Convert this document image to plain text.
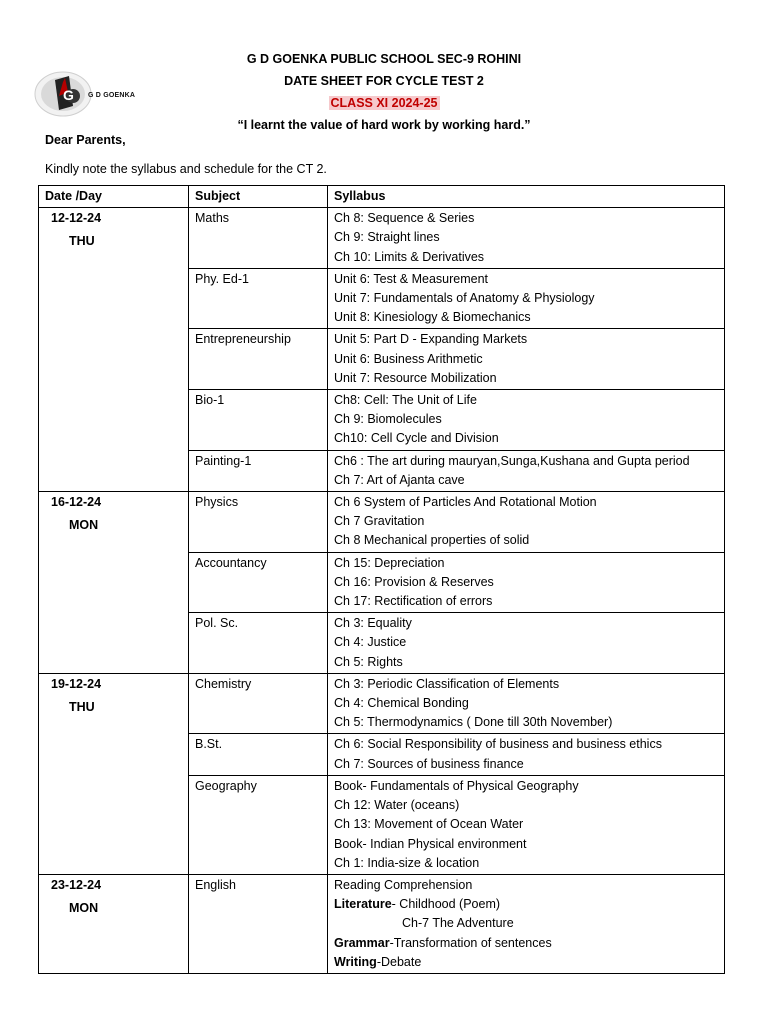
G G D GOENKA
G D GOENKA PUBLIC SCHOOL SEC-9 ROHINI
DATE SHEET FOR CYCLE TEST 2
CLASS XI 2024-25
“I learnt the value of hard work by working hard.”
Dear Parents,
Kindly note the syllabus and schedule for the CT 2.
Date /Day	Subject	Syllabus
12-12-24
THU	Maths	Ch 8: Sequence & Series
Ch 9: Straight lines
Ch 10: Limits & Derivatives

	Phy. Ed-1	Unit 6: Test & Measurement
Unit 7: Fundamentals of Anatomy & Physiology
Unit 8: Kinesiology & Biomechanics

	Entrepreneurship	Unit 5: Part D - Expanding Markets
Unit 6: Business Arithmetic
Unit 7: Resource Mobilization

	Bio-1	Ch8: Cell: The Unit of Life
Ch 9: Biomolecules
Ch10: Cell Cycle and Division

	Painting-1	Ch6 : The art during mauryan,Sunga,Kushana and Gupta period
Ch 7: Art of Ajanta cave

16-12-24
MON	Physics	Ch 6 System of Particles And Rotational Motion
Ch 7 Gravitation
Ch 8 Mechanical properties of solid

	Accountancy	Ch 15: Depreciation
Ch 16: Provision & Reserves
Ch 17: Rectification of errors

	Pol. Sc.	Ch 3: Equality
Ch 4: Justice
Ch 5: Rights

19-12-24
THU	Chemistry	Ch 3: Periodic Classification of Elements
Ch 4: Chemical Bonding
Ch 5: Thermodynamics ( Done till 30th November)

	B.St.	Ch 6: Social Responsibility of business and business ethics
Ch 7: Sources of business finance

	Geography	Book- Fundamentals of Physical Geography
Ch 12: Water (oceans)
Ch 13: Movement of Ocean Water
Book- Indian Physical environment
Ch 1: India-size & location

23-12-24
MON	English	Reading Comprehension
Literature- Childhood (Poem)
Ch-7 The Adventure
Grammar-Transformation of sentences
Writing-Debate
